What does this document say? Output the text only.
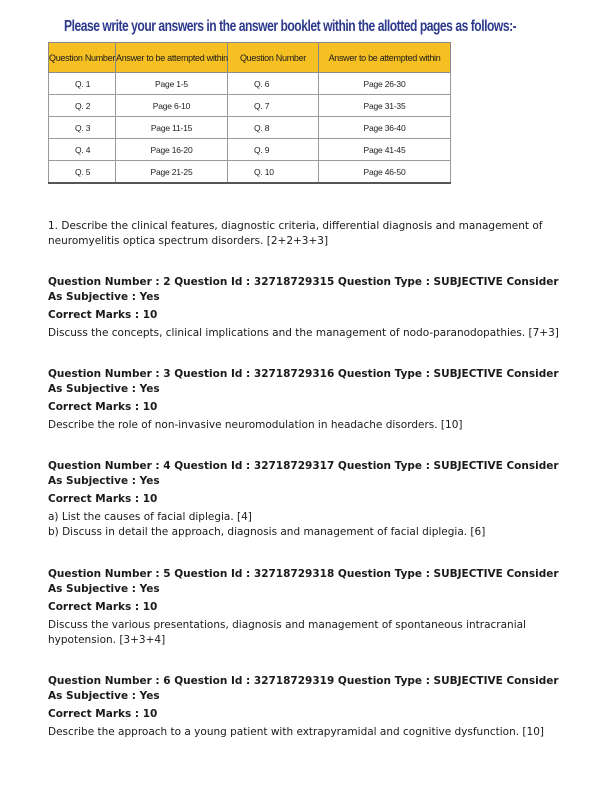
Please write your answers in the answer booklet within the allotted pages as follows:-
Question Number	Answer to be attempted within	Question Number	Answer to be attempted within
Q. 1	Page 1-5	Q. 6	Page 26-30
Q. 2	Page 6-10	Q. 7	Page 31-35
Q. 3	Page 11-15	Q. 8	Page 36-40
Q. 4	Page 16-20	Q. 9	Page 41-45
Q. 5	Page 21-25	Q. 10	Page 46-50

1. Describe the clinical features, diagnostic criteria, differential diagnosis and management of neuromyelitis optica spectrum disorders. [2+2+3+3]

Question Number : 2 Question Id : 32718729315 Question Type : SUBJECTIVE Consider As Subjective : Yes

Correct Marks : 10

Discuss the concepts, clinical implications and the management of nodo-paranodopathies. [7+3]

Question Number : 3 Question Id : 32718729316 Question Type : SUBJECTIVE Consider As Subjective : Yes

Correct Marks : 10

Describe the role of non-invasive neuromodulation in headache disorders. [10]

Question Number : 4 Question Id : 32718729317 Question Type : SUBJECTIVE Consider As Subjective : Yes

Correct Marks : 10

a) List the causes of facial diplegia. [4]

b) Discuss in detail the approach, diagnosis and management of facial diplegia. [6]

Question Number : 5 Question Id : 32718729318 Question Type : SUBJECTIVE Consider As Subjective : Yes

Correct Marks : 10

Discuss the various presentations, diagnosis and management of spontaneous intracranial hypotension. [3+3+4]

Question Number : 6 Question Id : 32718729319 Question Type : SUBJECTIVE Consider As Subjective : Yes

Correct Marks : 10

Describe the approach to a young patient with extrapyramidal and cognitive dysfunction. [10]
